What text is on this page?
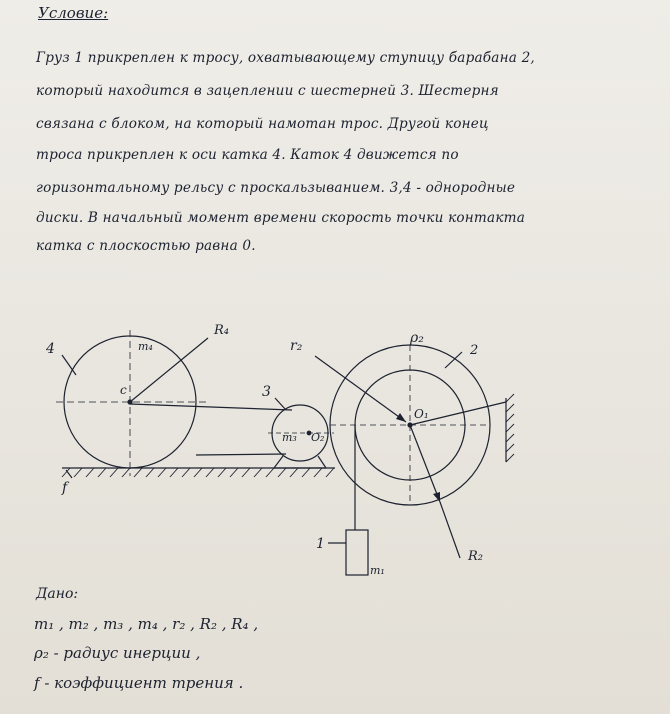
Условие:
Груз 1 прикреплен к тросу, охватывающему ступицу барабана 2,
который находится в зацеплении с шестерней 3. Шестерня
связана с блоком, на который намотан трос. Другой конец
троса прикреплен к оси катка 4. Каток 4 движется по
горизонтальному рельсу с проскальзыванием. 3,4 - однородные
диски. В начальный момент времени скорость точки контакта
катка с плоскостью равна 0.
4	m₄
R₄
c
f
3
m₃ O₂
r₂	ρ₂
2
O₁
R₂
1
m₁
Дано:
m₁ , m₂ , m₃ , m₄ , r₂ , R₂ , R₄ ,
ρ₂ - радиус инерции ,
f - коэффициент трения .
